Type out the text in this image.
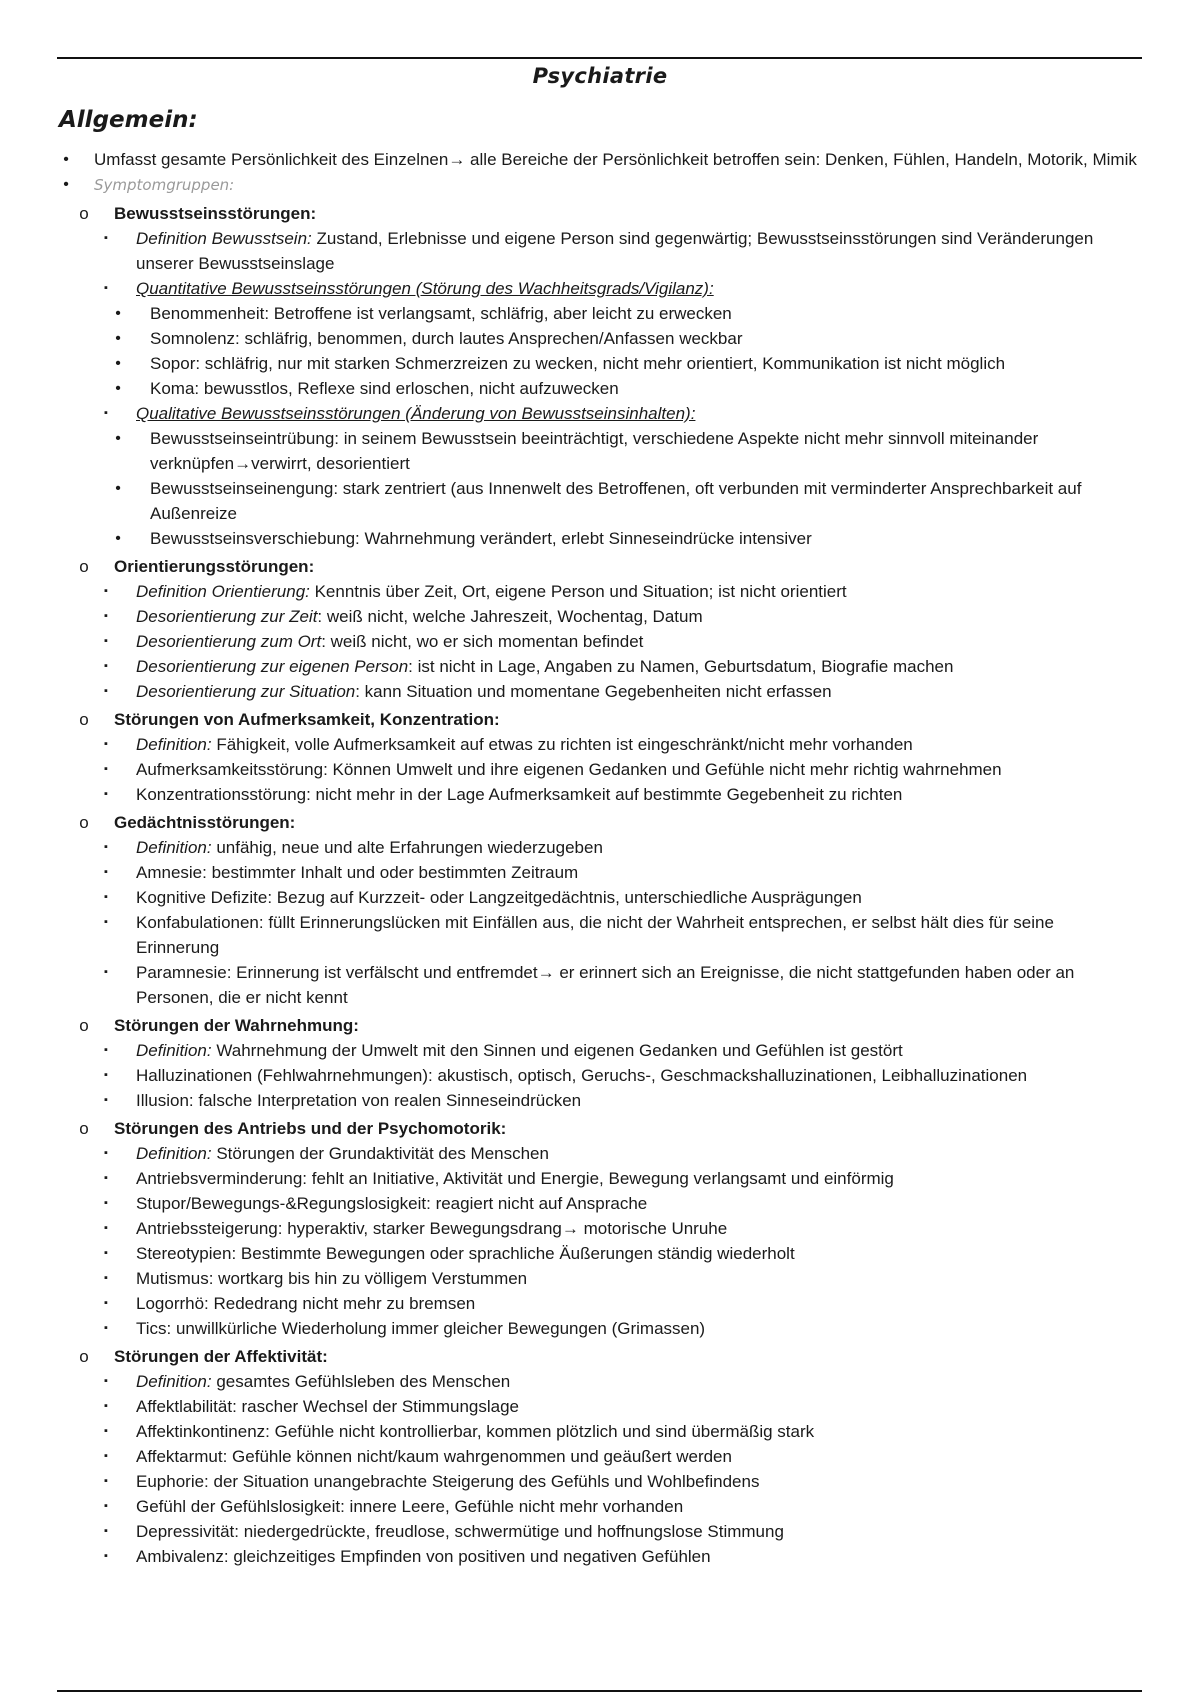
Psychiatrie
Allgemein:
•	Umfasst gesamte Persönlichkeit des Einzelnen→ alle Bereiche der Persönlichkeit betroffen sein: Denken, Fühlen, Handeln, Motorik, Mimik
•	Symptomgruppen:
o	Bewusstseinsstörungen:
▪	Definition Bewusstsein: Zustand, Erlebnisse und eigene Person sind gegenwärtig; Bewusstseinsstörungen sind Veränderungen unserer Bewusstseinslage
▪	Quantitative Bewusstseinsstörungen (Störung des Wachheitsgrads/Vigilanz):
•	Benommenheit: Betroffene ist verlangsamt, schläfrig, aber leicht zu erwecken
•	Somnolenz: schläfrig, benommen, durch lautes Ansprechen/Anfassen weckbar
•	Sopor: schläfrig, nur mit starken Schmerzreizen zu wecken, nicht mehr orientiert, Kommunikation ist nicht möglich
•	Koma: bewusstlos, Reflexe sind erloschen, nicht aufzuwecken
▪	Qualitative Bewusstseinsstörungen (Änderung von Bewusstseinsinhalten):
•	Bewusstseinseintrübung: in seinem Bewusstsein beeinträchtigt, verschiedene Aspekte nicht mehr sinnvoll miteinander verknüpfen→verwirrt, desorientiert
•	Bewusstseinseinengung: stark zentriert (aus Innenwelt des Betroffenen, oft verbunden mit verminderter Ansprechbarkeit auf Außenreize
•	Bewusstseinsverschiebung: Wahrnehmung verändert, erlebt Sinneseindrücke intensiver
o	Orientierungsstörungen:
▪	Definition Orientierung: Kenntnis über Zeit, Ort, eigene Person und Situation; ist nicht orientiert
▪	Desorientierung zur Zeit: weiß nicht, welche Jahreszeit, Wochentag, Datum
▪	Desorientierung zum Ort: weiß nicht, wo er sich momentan befindet
▪	Desorientierung zur eigenen Person: ist nicht in Lage, Angaben zu Namen, Geburtsdatum, Biografie machen
▪	Desorientierung zur Situation: kann Situation und momentane Gegebenheiten nicht erfassen
o	Störungen von Aufmerksamkeit, Konzentration:
▪	Definition: Fähigkeit, volle Aufmerksamkeit auf etwas zu richten ist eingeschränkt/nicht mehr vorhanden
▪	Aufmerksamkeitsstörung: Können Umwelt und ihre eigenen Gedanken und Gefühle nicht mehr richtig wahrnehmen
▪	Konzentrationsstörung: nicht mehr in der Lage Aufmerksamkeit auf bestimmte Gegebenheit zu richten
o	Gedächtnisstörungen:
▪	Definition: unfähig, neue und alte Erfahrungen wiederzugeben
▪	Amnesie: bestimmter Inhalt und oder bestimmten Zeitraum
▪	Kognitive Defizite: Bezug auf Kurzzeit- oder Langzeitgedächtnis, unterschiedliche Ausprägungen
▪	Konfabulationen: füllt Erinnerungslücken mit Einfällen aus, die nicht der Wahrheit entsprechen, er selbst hält dies für seine Erinnerung
▪	Paramnesie: Erinnerung ist verfälscht und entfremdet→ er erinnert sich an Ereignisse, die nicht stattgefunden haben oder an Personen, die er nicht kennt
o	Störungen der Wahrnehmung:
▪	Definition: Wahrnehmung der Umwelt mit den Sinnen und eigenen Gedanken und Gefühlen ist gestört
▪	Halluzinationen (Fehlwahrnehmungen): akustisch, optisch, Geruchs-, Geschmackshalluzinationen, Leibhalluzinationen
▪	Illusion: falsche Interpretation von realen Sinneseindrücken
o	Störungen des Antriebs und der Psychomotorik:
▪	Definition: Störungen der Grundaktivität des Menschen
▪	Antriebsverminderung: fehlt an Initiative, Aktivität und Energie, Bewegung verlangsamt und einförmig
▪	Stupor/Bewegungs-&Regungslosigkeit: reagiert nicht auf Ansprache
▪	Antriebssteigerung: hyperaktiv, starker Bewegungsdrang→ motorische Unruhe
▪	Stereotypien: Bestimmte Bewegungen oder sprachliche Äußerungen ständig wiederholt
▪	Mutismus: wortkarg bis hin zu völligem Verstummen
▪	Logorrhö: Rededrang nicht mehr zu bremsen
▪	Tics: unwillkürliche Wiederholung immer gleicher Bewegungen (Grimassen)
o	Störungen der Affektivität:
▪	Definition: gesamtes Gefühlsleben des Menschen
▪	Affektlabilität: rascher Wechsel der Stimmungslage
▪	Affektinkontinenz: Gefühle nicht kontrollierbar, kommen plötzlich und sind übermäßig stark
▪	Affektarmut: Gefühle können nicht/kaum wahrgenommen und geäußert werden
▪	Euphorie: der Situation unangebrachte Steigerung des Gefühls und Wohlbefindens
▪	Gefühl der Gefühlslosigkeit: innere Leere, Gefühle nicht mehr vorhanden
▪	Depressivität: niedergedrückte, freudlose, schwermütige und hoffnungslose Stimmung
▪	Ambivalenz: gleichzeitiges Empfinden von positiven und negativen Gefühlen
